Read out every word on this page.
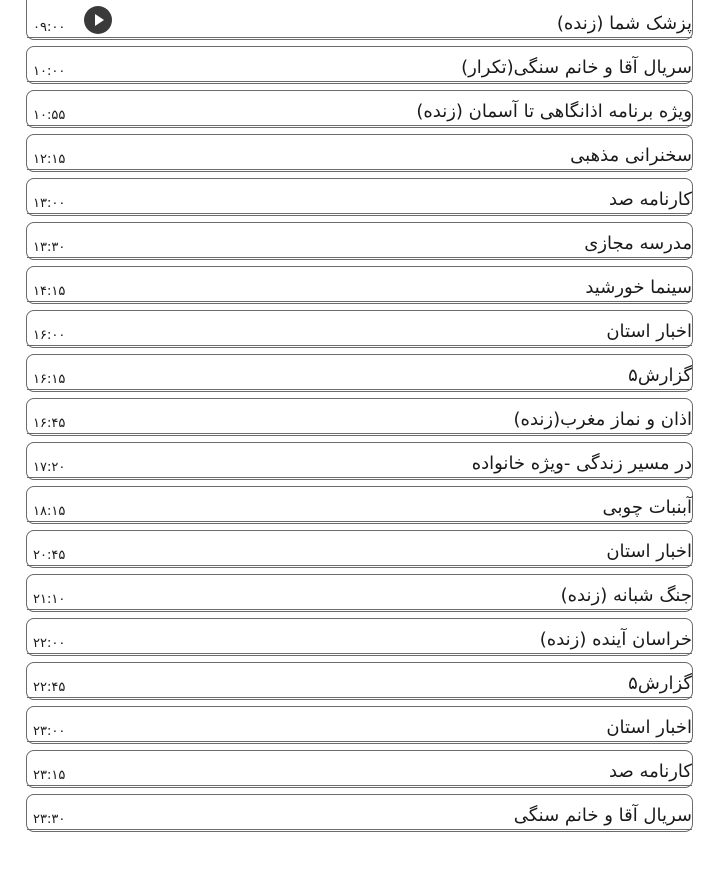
پزشک شما (زنده)
۰۹:۰۰
سریال آقا و خانم سنگی(تکرار)
۱۰:۰۰
ویژه برنامه اذانگاهی تا آسمان (زنده)
۱۰:۵۵
سخنرانی مذهبی
۱۲:۱۵
کارنامه صد
۱۳:۰۰
مدرسه مجازی
۱۳:۳۰
سینما خورشید
۱۴:۱۵
اخبار استان
۱۶:۰۰
گزارش۵
۱۶:۱۵
اذان و نماز مغرب(زنده)
۱۶:۴۵
در مسیر زندگی -ویژه خانواده
۱۷:۲۰
آبنبات چوبی
۱۸:۱۵
اخبار استان
۲۰:۴۵
جنگ شبانه (زنده)
۲۱:۱۰
خراسان آینده (زنده)
۲۲:۰۰
گزارش۵
۲۲:۴۵
اخبار استان
۲۳:۰۰
کارنامه صد
۲۳:۱۵
سریال آقا و خانم سنگی
۲۳:۳۰
